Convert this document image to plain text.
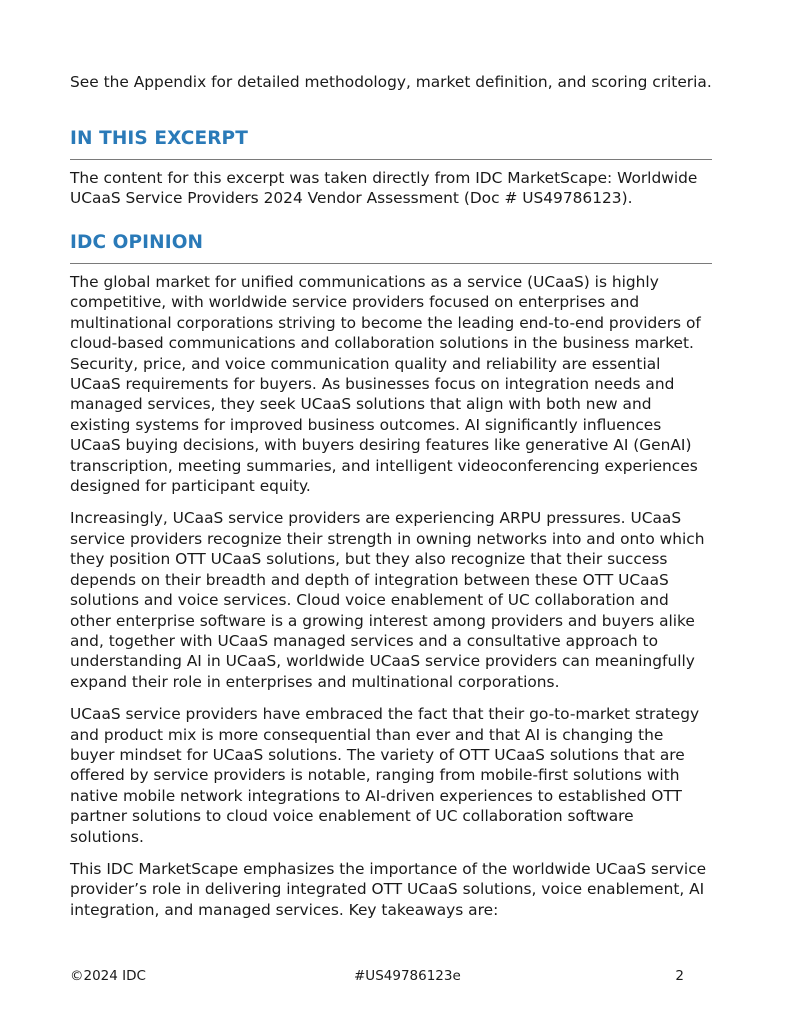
See the Appendix for detailed methodology, market definition, and scoring criteria.

IN THIS EXCERPT

The content for this excerpt was taken directly from IDC MarketScape: Worldwide UCaaS Service Providers 2024 Vendor Assessment (Doc # US49786123).

IDC OPINION

The global market for unified communications as a service (UCaaS) is highly competitive, with worldwide service providers focused on enterprises and multinational corporations striving to become the leading end-to-end providers of cloud-based communications and collaboration solutions in the business market. Security, price, and voice communication quality and reliability are essential UCaaS requirements for buyers. As businesses focus on integration needs and managed services, they seek UCaaS solutions that align with both new and existing systems for improved business outcomes. AI significantly influences UCaaS buying decisions, with buyers desiring features like generative AI (GenAI) transcription, meeting summaries, and intelligent videoconferencing experiences designed for participant equity.

Increasingly, UCaaS service providers are experiencing ARPU pressures. UCaaS service providers recognize their strength in owning networks into and onto which they position OTT UCaaS solutions, but they also recognize that their success depends on their breadth and depth of integration between these OTT UCaaS solutions and voice services. Cloud voice enablement of UC collaboration and other enterprise software is a growing interest among providers and buyers alike and, together with UCaaS managed services and a consultative approach to understanding AI in UCaaS, worldwide UCaaS service providers can meaningfully expand their role in enterprises and multinational corporations.

UCaaS service providers have embraced the fact that their go-to-market strategy and product mix is more consequential than ever and that AI is changing the buyer mindset for UCaaS solutions. The variety of OTT UCaaS solutions that are offered by service providers is notable, ranging from mobile-first solutions with native mobile network integrations to AI-driven experiences to established OTT partner solutions to cloud voice enablement of UC collaboration software solutions.

This IDC MarketScape emphasizes the importance of the worldwide UCaaS service provider’s role in delivering integrated OTT UCaaS solutions, voice enablement, AI integration, and managed services. Key takeaways are:

©2024 IDC	#US49786123e	2
